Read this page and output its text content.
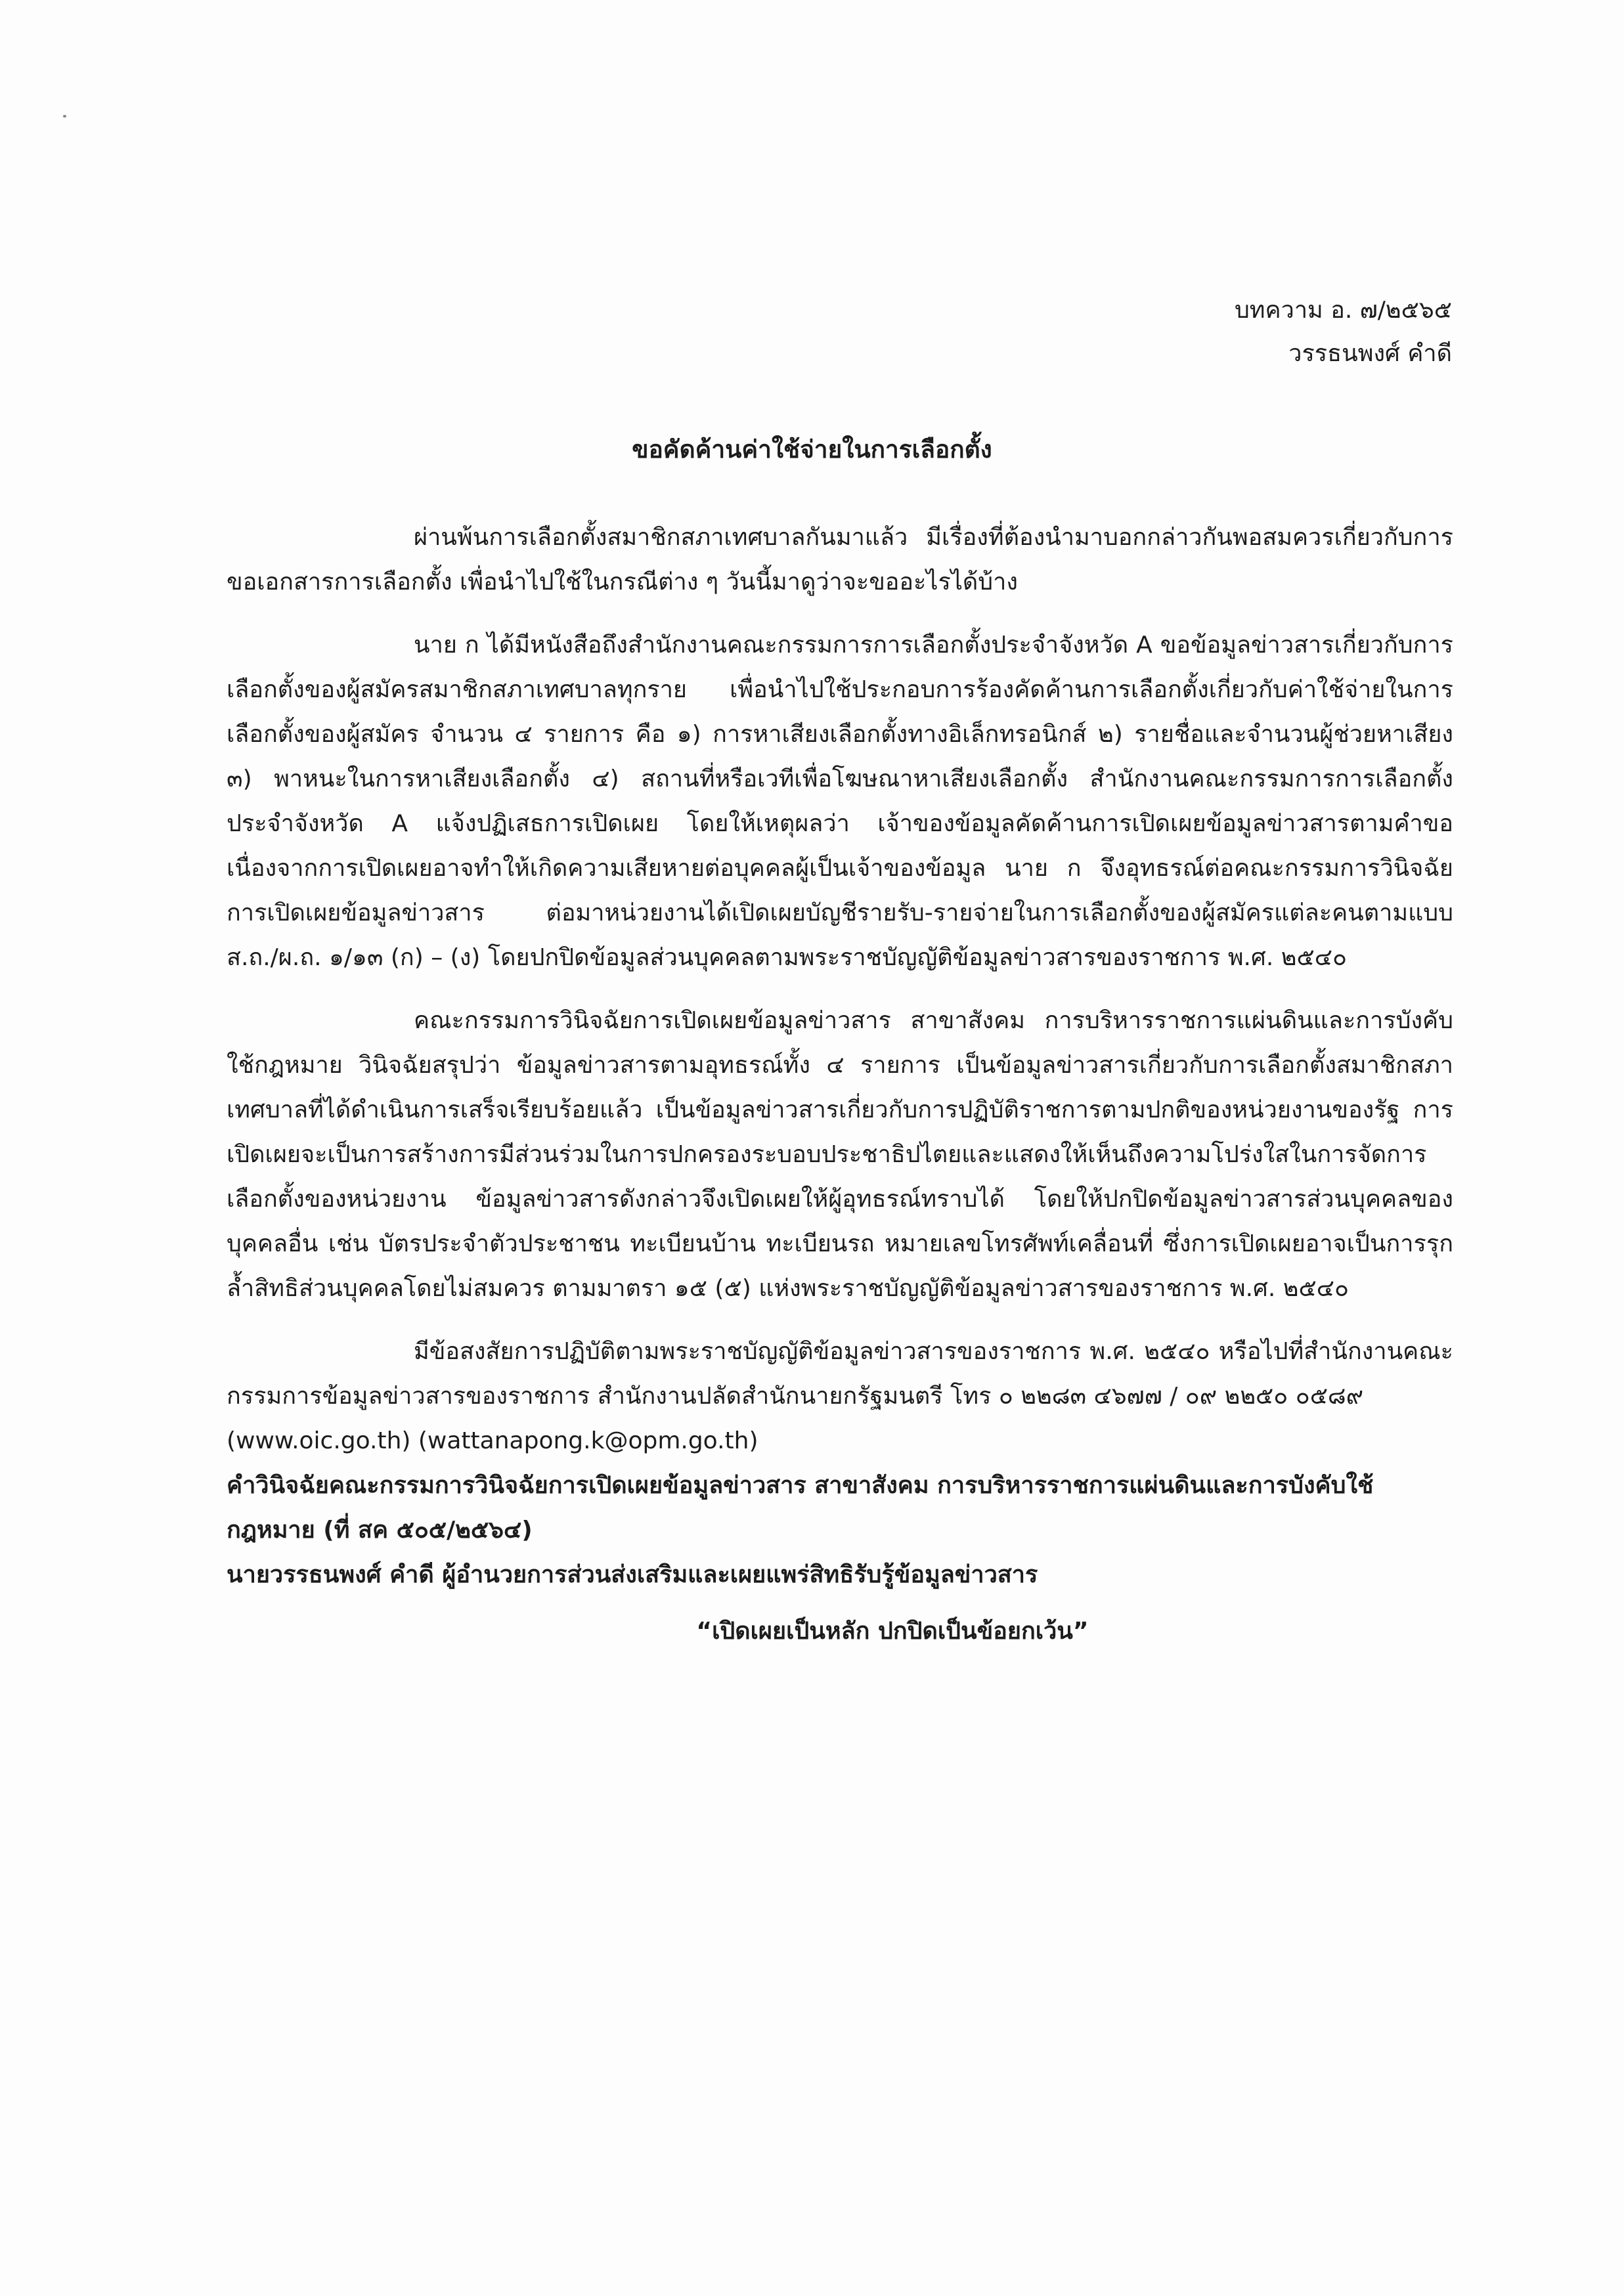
บทความ อ. ๗/๒๕๖๕
วรรธนพงศ์ คำดี
ขอคัดค้านค่าใช้จ่ายในการเลือกตั้ง

ผ่านพ้นการเลือกตั้งสมาชิกสภาเทศบาลกันมาแล้ว มีเรื่องที่ต้องนำมาบอกกล่าวกันพอสมควรเกี่ยวกับการขอเอกสารการเลือกตั้ง เพื่อนำไปใช้ในกรณีต่าง ๆ วันนี้มาดูว่าจะขออะไรได้บ้าง

นาย ก ได้มีหนังสือถึงสำนักงานคณะกรรมการการเลือกตั้งประจำจังหวัด A ขอข้อมูลข่าวสารเกี่ยวกับการเลือกตั้งของผู้สมัครสมาชิกสภาเทศบาลทุกราย เพื่อนำไปใช้ประกอบการร้องคัดค้านการเลือกตั้งเกี่ยวกับค่าใช้จ่ายในการเลือกตั้งของผู้สมัคร จำนวน ๔ รายการ คือ ๑) การหาเสียงเลือกตั้งทางอิเล็กทรอนิกส์ ๒) รายชื่อและจำนวนผู้ช่วยหาเสียง ๓) พาหนะในการหาเสียงเลือกตั้ง ๔) สถานที่หรือเวทีเพื่อโฆษณาหาเสียงเลือกตั้ง สำนักงานคณะกรรมการการเลือกตั้งประจำจังหวัด A แจ้งปฏิเสธการเปิดเผย โดยให้เหตุผลว่า เจ้าของข้อมูลคัดค้านการเปิดเผยข้อมูลข่าวสารตามคำขอเนื่องจากการเปิดเผยอาจทำให้เกิดความเสียหายต่อบุคคลผู้เป็นเจ้าของข้อมูล นาย ก จึงอุทธรณ์ต่อคณะกรรมการวินิจฉัยการเปิดเผยข้อมูลข่าวสาร ต่อมาหน่วยงานได้เปิดเผยบัญชีรายรับ-รายจ่ายในการเลือกตั้งของผู้สมัครแต่ละคนตามแบบ ส.ถ./ผ.ถ. ๑/๑๓ (ก) – (ง) โดยปกปิดข้อมูลส่วนบุคคลตามพระราชบัญญัติข้อมูลข่าวสารของราชการ พ.ศ. ๒๕๔๐

คณะกรรมการวินิจฉัยการเปิดเผยข้อมูลข่าวสาร สาขาสังคม การบริหารราชการแผ่นดินและการบังคับใช้กฎหมาย วินิจฉัยสรุปว่า ข้อมูลข่าวสารตามอุทธรณ์ทั้ง ๔ รายการ เป็นข้อมูลข่าวสารเกี่ยวกับการเลือกตั้งสมาชิกสภาเทศบาลที่ได้ดำเนินการเสร็จเรียบร้อยแล้ว เป็นข้อมูลข่าวสารเกี่ยวกับการปฏิบัติราชการตามปกติของหน่วยงานของรัฐ การเปิดเผยจะเป็นการสร้างการมีส่วนร่วมในการปกครองระบอบประชาธิปไตยและแสดงให้เห็นถึงความโปร่งใสในการจัดการเลือกตั้งของหน่วยงาน ข้อมูลข่าวสารดังกล่าวจึงเปิดเผยให้ผู้อุทธรณ์ทราบได้ โดยให้ปกปิดข้อมูลข่าวสารส่วนบุคคลของบุคคลอื่น เช่น บัตรประจำตัวประชาชน ทะเบียนบ้าน ทะเบียนรถ หมายเลขโทรศัพท์เคลื่อนที่ ซึ่งการเปิดเผยอาจเป็นการรุกล้ำสิทธิส่วนบุคคลโดยไม่สมควร ตามมาตรา ๑๕ (๕) แห่งพระราชบัญญัติข้อมูลข่าวสารของราชการ พ.ศ. ๒๕๔๐

มีข้อสงสัยการปฏิบัติตามพระราชบัญญัติข้อมูลข่าวสารของราชการ พ.ศ. ๒๕๔๐ หรือไปที่สำนักงานคณะกรรมการข้อมูลข่าวสารของราชการ สำนักงานปลัดสำนักนายกรัฐมนตรี โทร ๐ ๒๒๘๓ ๔๖๗๗ / ๐๙ ๒๒๕๐ ๐๕๘๙

(www.oic.go.th) (wattanapong.k@opm.go.th)

คำวินิจฉัยคณะกรรมการวินิจฉัยการเปิดเผยข้อมูลข่าวสาร สาขาสังคม การบริหารราชการแผ่นดินและการบังคับใช้กฎหมาย (ที่ สค ๕๐๕/๒๕๖๔)

นายวรรธนพงศ์ คำดี ผู้อำนวยการส่วนส่งเสริมและเผยแพร่สิทธิรับรู้ข้อมูลข่าวสาร

“เปิดเผยเป็นหลัก ปกปิดเป็นข้อยกเว้น”
